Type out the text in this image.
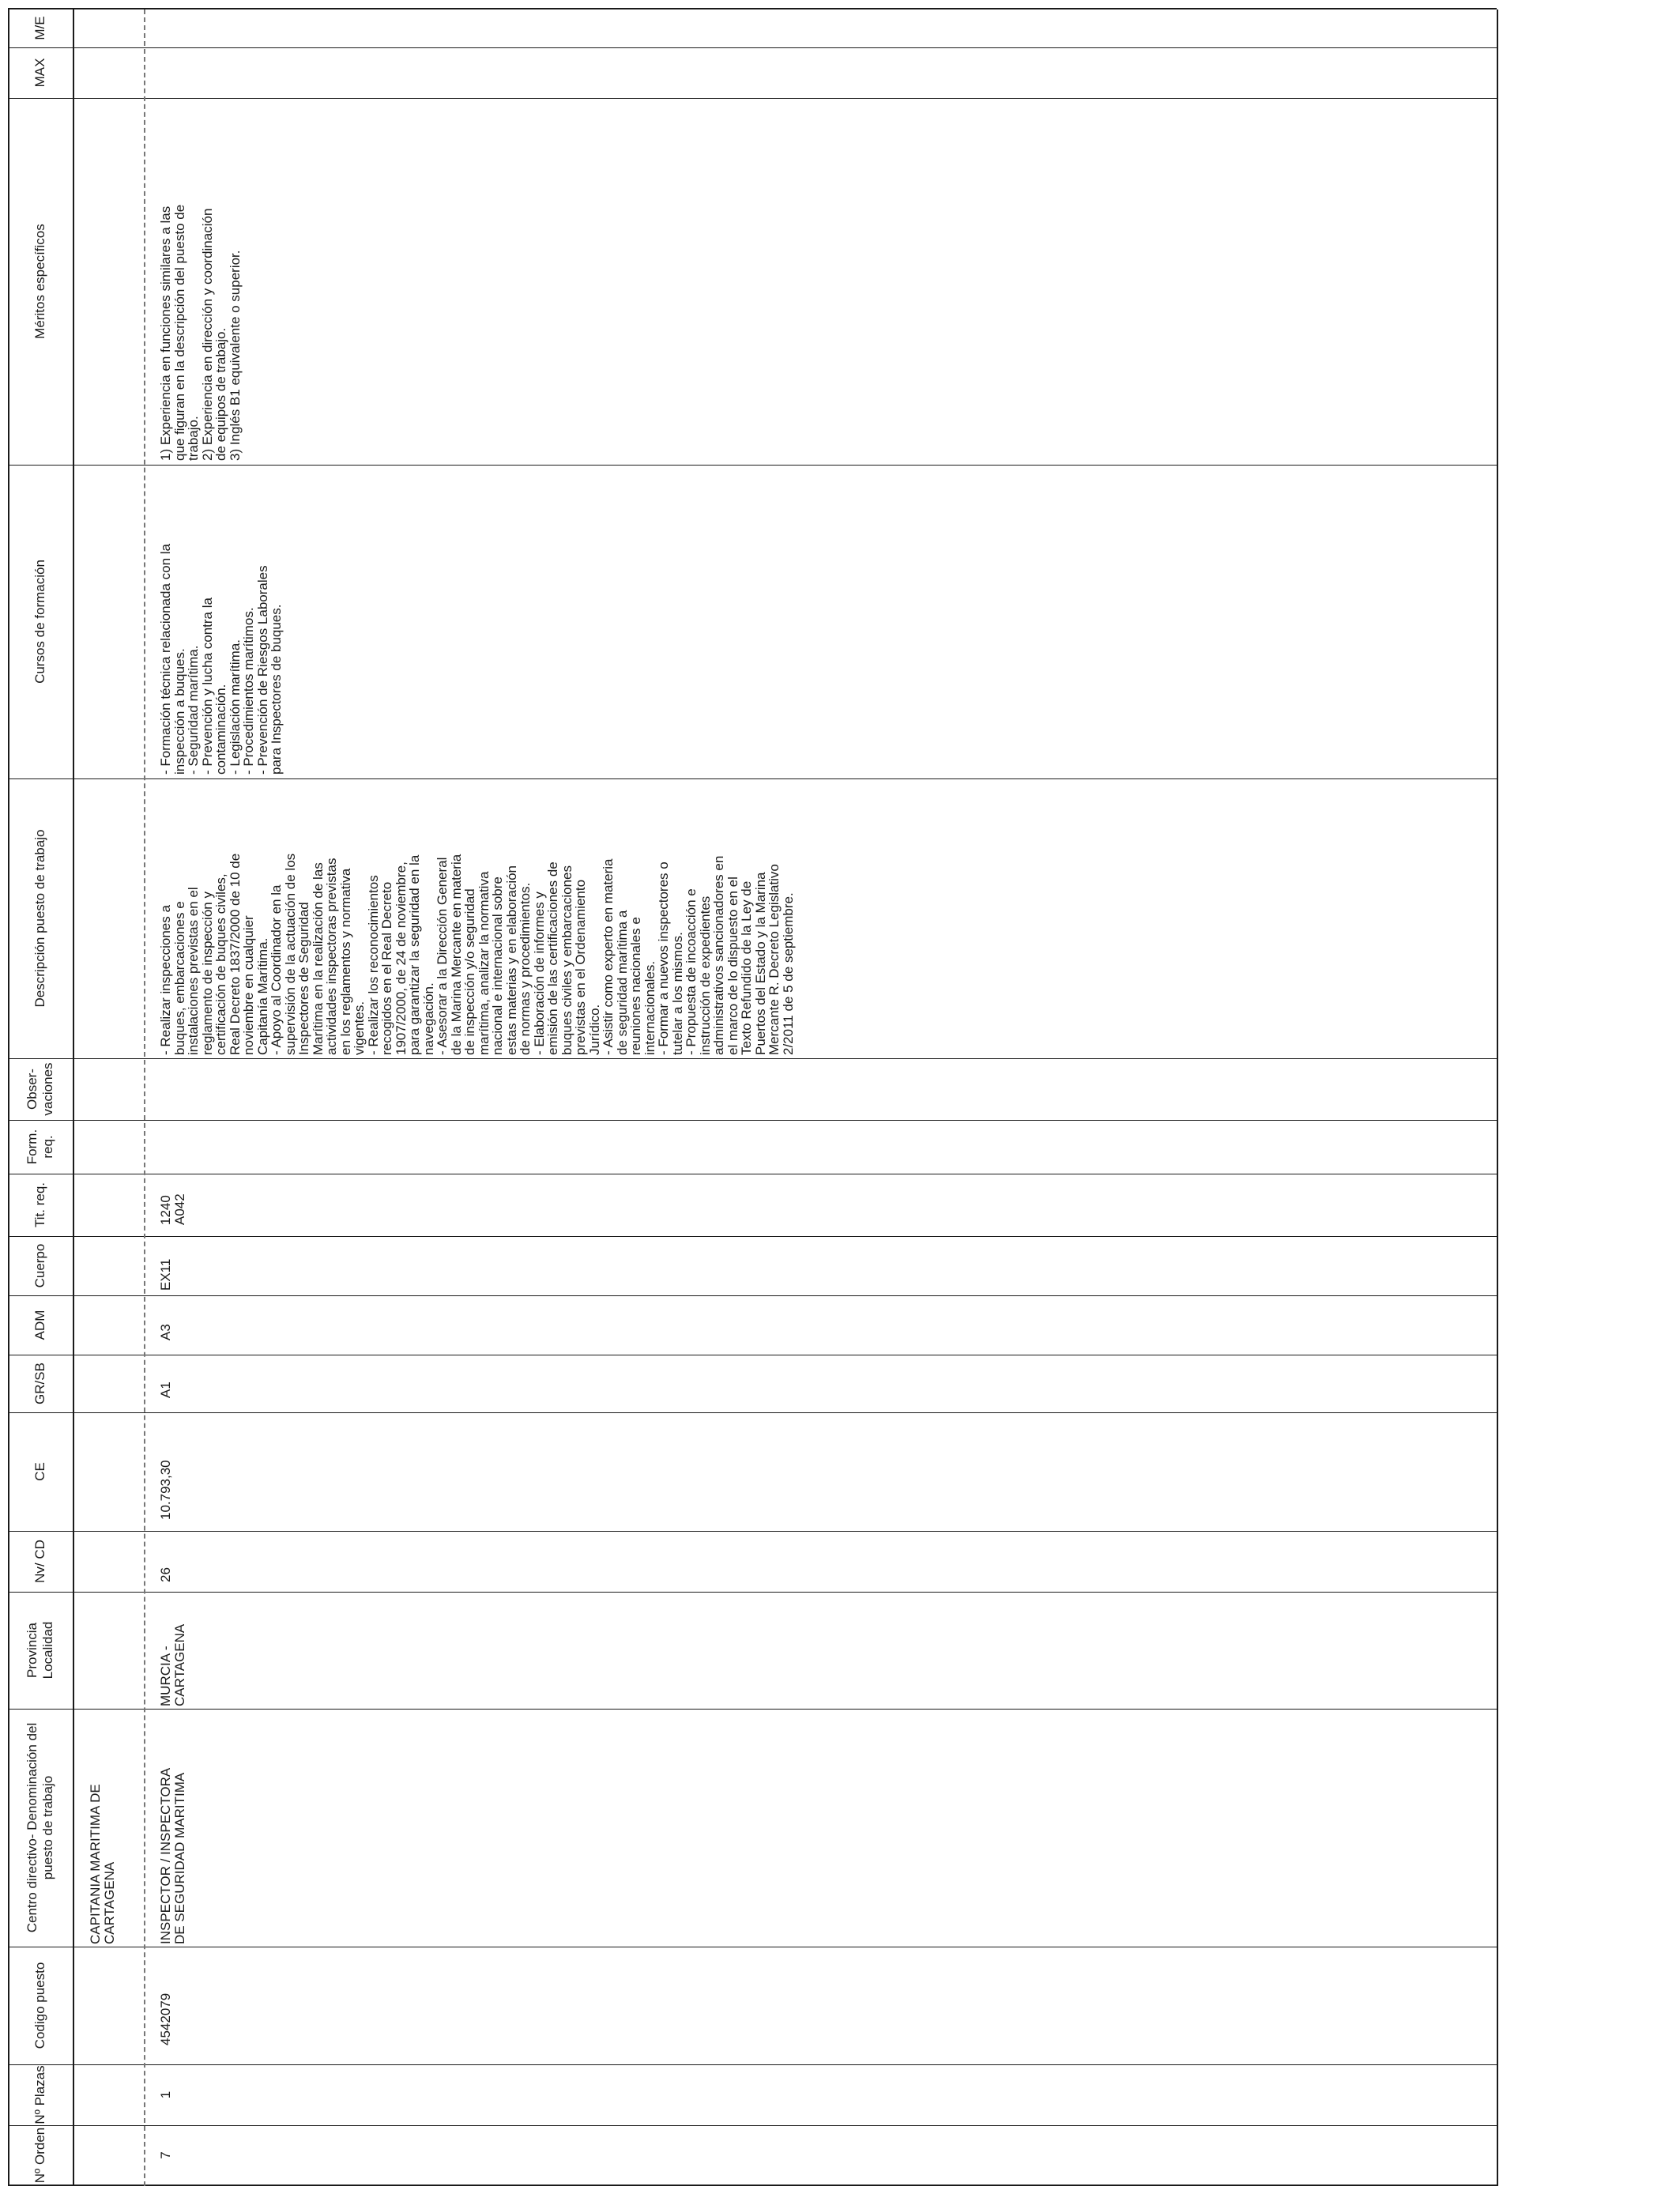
Nº Orden
Nº Plazas
Codigo puesto
Centro directivo- Denominación del puesto de trabajo
Provincia Localidad
Nv/ CD
CE
GR/SB
ADM
Cuerpo
Tit. req.
Form. req.
Obser- vaciones
Descripción puesto de trabajo
Cursos de formación
Méritos específicos
MAX
M/E
CAPITANIA MARITIMA DE
CARTAGENA
7
1
4542079
INSPECTOR / INSPECTORA
DE SEGURIDAD MARITIMA
MURCIA -
CARTAGENA
26
10.793,30
A1
A3
EX11
1240
A042
- Realizar inspecciones a
buques, embarcaciones e
instalaciones previstas en el
reglamento de inspección y
certificación de buques civiles,
Real Decreto 1837/2000 de 10 de
noviembre en cualquier
Capitanía Marítima.
- Apoyo al Coordinador en la
supervisión de la actuación de los
Inspectores de Seguridad
Marítima en la realización de las
actividades inspectoras previstas
en los reglamentos y normativa
vigentes.
- Realizar los reconocimientos
recogidos en el Real Decreto
1907/2000, de 24 de noviembre,
para garantizar la seguridad en la
navegación.
- Asesorar a la Dirección General
de la Marina Mercante en materia
de inspección y/o seguridad
marítima, analizar la normativa
nacional e internacional sobre
estas materias y en elaboración
de normas y procedimientos.
- Elaboración de informes y
emisión de las certificaciones de
buques civiles y embarcaciones
previstas en el Ordenamiento
Jurídico.
- Asistir como experto en materia
de seguridad marítima a
reuniones nacionales e
internacionales.
- Formar a nuevos inspectores o
tutelar a los mismos.
- Propuesta de incoacción e
instrucción de expedientes
administrativos sancionadores en
el marco de lo dispuesto en el
Texto Refundido de la Ley de
Puertos del Estado y la Marina
Mercante R. Decreto Legislativo
2/2011 de 5 de septiembre.
- Formación técnica relacionada con la
inspección a buques.
- Seguridad marítima.
- Prevención y lucha contra la
contaminación.
- Legislación marítima.
- Procedimientos marítimos.
- Prevención de Riesgos Laborales
para Inspectores de buques.
1) Experiencia en funciones similares a las
que figuran en la descripción del puesto de
trabajo.
2) Experiencia en dirección y coordinación
de equipos de trabajo.
3) Inglés B1 equivalente o superior.
